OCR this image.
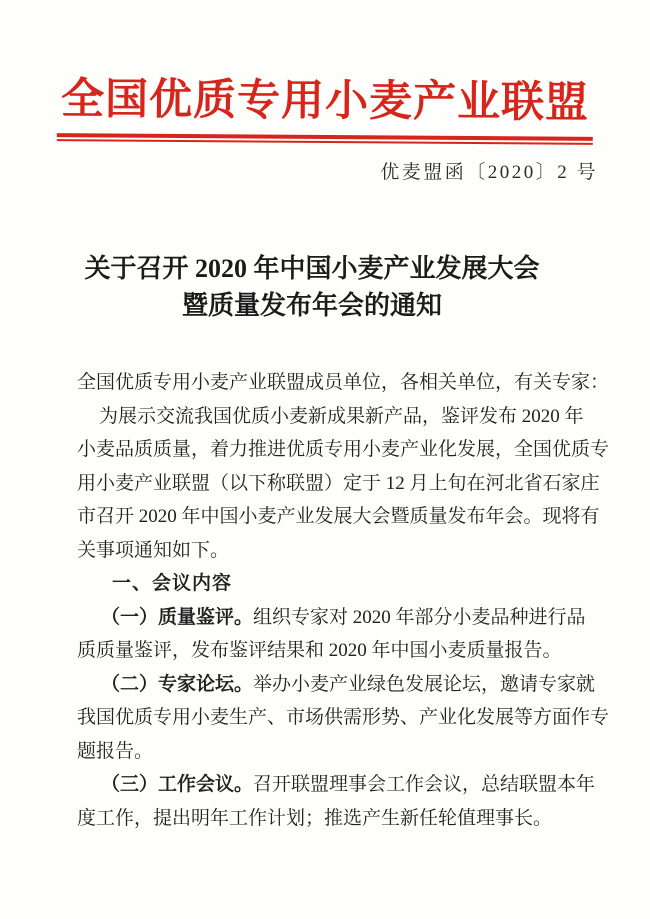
全国优质专用小麦产业联盟
优麦盟函〔2020〕2 号
关于召开 2020 年中国小麦产业发展大会
暨质量发布年会的通知
全国优质专用小麦产业联盟成员单位，各相关单位，有关专家：
为展示交流我国优质小麦新成果新产品，鉴评发布 2020 年
小麦品质质量，着力推进优质专用小麦产业化发展，全国优质专
用小麦产业联盟（以下称联盟）定于 12 月上旬在河北省石家庄
市召开 2020 年中国小麦产业发展大会暨质量发布年会。现将有
关事项通知如下。
一、会议内容
（一）质量鉴评。组织专家对 2020 年部分小麦品种进行品
质质量鉴评，发布鉴评结果和 2020 年中国小麦质量报告。
（二）专家论坛。举办小麦产业绿色发展论坛，邀请专家就
我国优质专用小麦生产、市场供需形势、产业化发展等方面作专
题报告。
（三）工作会议。召开联盟理事会工作会议，总结联盟本年
度工作，提出明年工作计划；推选产生新任轮值理事长。
